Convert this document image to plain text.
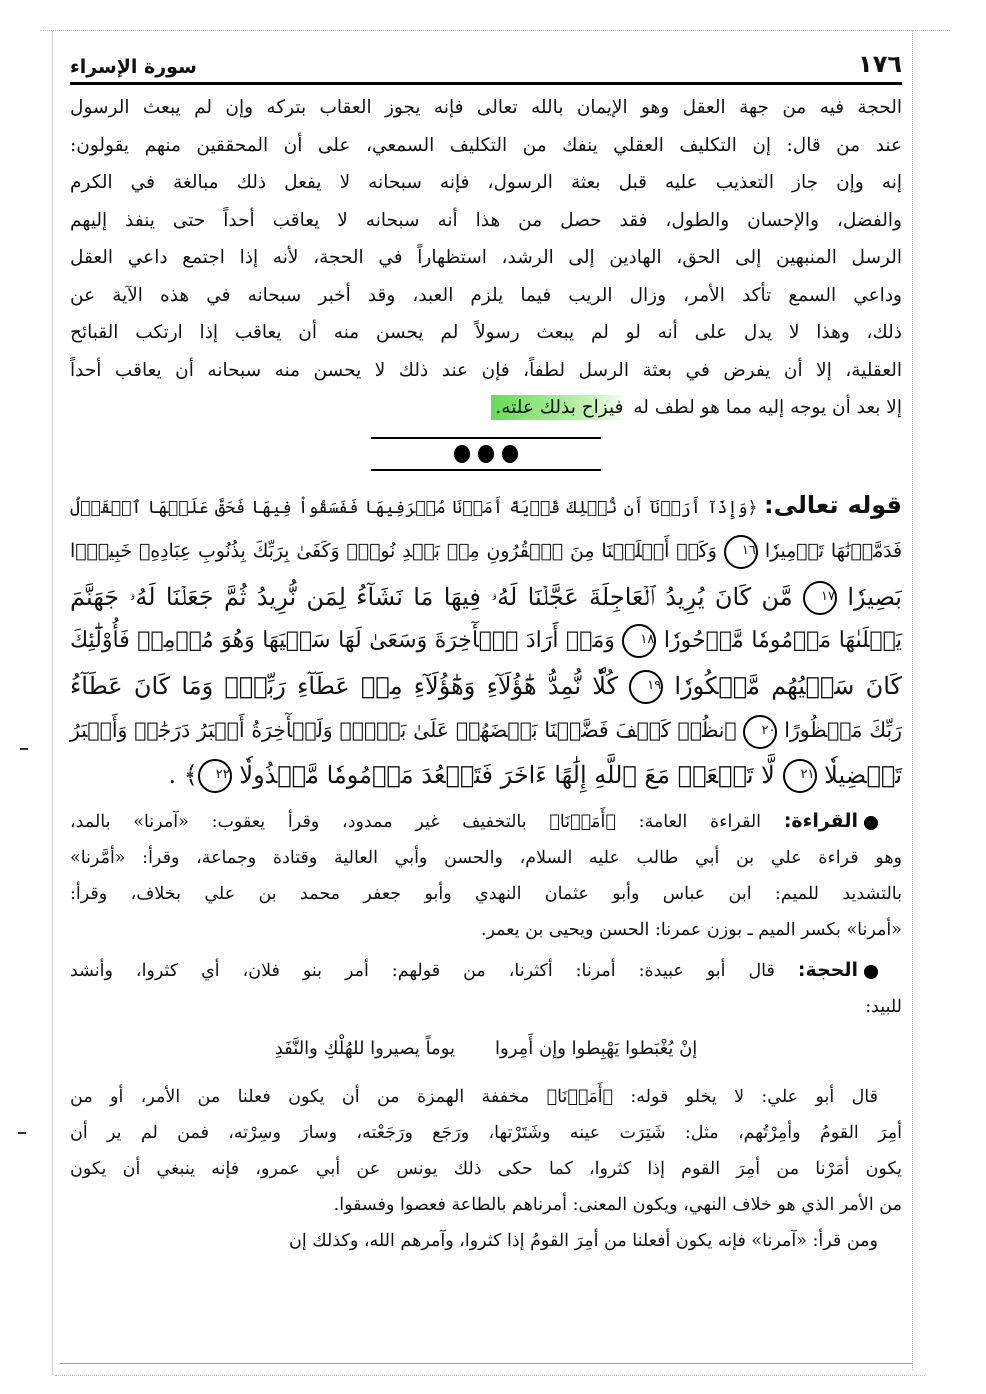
١٧٦
سورة الإسراء
الحجة فيه من جهة العقل وهو الإيمان بالله تعالى فإنه يجوز العقاب بتركه وإن لم يبعث الرسول
عند من قال: إن التكليف العقلي ينفك من التكليف السمعي، على أن المحققين منهم يقولون:
إنه وإن جاز التعذيب عليه قبل بعثة الرسول، فإنه سبحانه لا يفعل ذلك مبالغة في الكرم
والفضل، والإحسان والطول، فقد حصل من هذا أنه سبحانه لا يعاقب أحداً حتى ينفذ إليهم
الرسل المنبهين إلى الحق، الهادين إلى الرشد، استظهاراً في الحجة، لأنه إذا اجتمع داعي العقل
وداعي السمع تأكد الأمر، وزال الريب فيما يلزم العبد، وقد أخبر سبحانه في هذه الآية عن
ذلك، وهذا لا يدل على أنه لو لم يبعث رسولاً لم يحسن منه أن يعاقب إذا ارتكب القبائح
العقلية، إلا أن يفرض في بعثة الرسل لطفاً، فإن عند ذلك لا يحسن منه سبحانه أن يعاقب أحداً
إلا بعد أن يوجه إليه مما هو لطف له فيزاح بذلك علته.
قوله تعالى: ﴿وَإِذَآ أَرَدۡنَآ أَن نُّهۡلِكَ قَرۡيَةً أَمَرۡنَا مُتۡرَفِيهَا فَفَسَقُواْ فِيهَا فَحَقَّ عَلَيۡهَا ٱلۡقَوۡلُ
فَدَمَّرۡنَٰهَا تَدۡمِيرٗا ١٦ وَكَمۡ أَهۡلَكۡنَا مِنَ ٱلۡقُرُونِ مِنۢ بَعۡدِ نُوحٖۗ وَكَفَىٰ بِرَبِّكَ بِذُنُوبِ عِبَادِهِۦ خَبِيرَۢا
بَصِيرٗا ١٧ مَّن كَانَ يُرِيدُ ٱلۡعَاجِلَةَ عَجَّلۡنَا لَهُۥ فِيهَا مَا نَشَآءُ لِمَن نُّرِيدُ ثُمَّ جَعَلۡنَا لَهُۥ جَهَنَّمَ
يَصۡلَىٰهَا مَذۡمُومٗا مَّدۡحُورٗا ١٨ وَمَنۡ أَرَادَ ٱلۡأٓخِرَةَ وَسَعَىٰ لَهَا سَعۡيَهَا وَهُوَ مُؤۡمِنٞ فَأُوْلَٰٓئِكَ
كَانَ سَعۡيُهُم مَّشۡكُورٗا ١٩ كُلّٗا نُّمِدُّ هَٰٓؤُلَآءِ وَهَٰٓؤُلَآءِ مِنۡ عَطَآءِ رَبِّكَۚ وَمَا كَانَ عَطَآءُ
رَبِّكَ مَحۡظُورًا ٢٠ ٱنظُرۡ كَيۡفَ فَضَّلۡنَا بَعۡضَهُمۡ عَلَىٰ بَعۡضٖۚ وَلَلۡأٓخِرَةُ أَكۡبَرُ دَرَجَٰتٖ وَأَكۡبَرُ
تَفۡضِيلٗا ٢١ لَّا تَجۡعَلۡ مَعَ ٱللَّهِ إِلَٰهًا ءَاخَرَ فَتَقۡعُدَ مَذۡمُومٗا مَّخۡذُولٗا ٢٢﴾ .
القراءة: القراءة العامة: ﴿أَمَرۡنَا﴾ بالتخفيف غير ممدود، وقرأ يعقوب: «آمرنا» بالمد،
وهو قراءة علي بن أبي طالب عليه السلام، والحسن وأبي العالية وقتادة وجماعة، وقرأ: «أمَّرنا»
بالتشديد للميم: ابن عباس وأبو عثمان النهدي وأبو جعفر محمد بن علي بخلاف، وقرأ:
«أمرنا» بكسر الميم ـ بوزن عمرنا: الحسن ويحيى بن يعمر.
الحجة: قال أبو عبيدة: أمرنا: أكثرنا، من قولهم: أمر بنو فلان، أي كثروا، وأنشد
للبيد:
إنْ يُغْبَطوا يَهْبِطوا وإن أَمِروا
يوماً يصيروا للهُلْكِ والنَّفَدِ
قال أبو علي: لا يخلو قوله: ﴿أَمَرۡنَا﴾ مخففة الهمزة من أن يكون فعلنا من الأمر، أو من
أمِرَ القومُ وأمِرْتُهم، مثل: شَتِرَت عينه وشَتَرْتها، ورَجَع ورَجَعْته، وسارَ وسِرْته، فمن لم ير أن
يكون أمَرْنا من أمِرَ القوم إذا كثروا، كما حكى ذلك يونس عن أبي عمرو، فإنه ينبغي أن يكون
من الأمر الذي هو خلاف النهي، ويكون المعنى: أمرناهم بالطاعة فعصوا وفسقوا.
ومن قرأ: «آمرنا» فإنه يكون أفعلنا من أمِرَ القومُ إذا كثروا، وآمرهم الله، وكذلك إن
